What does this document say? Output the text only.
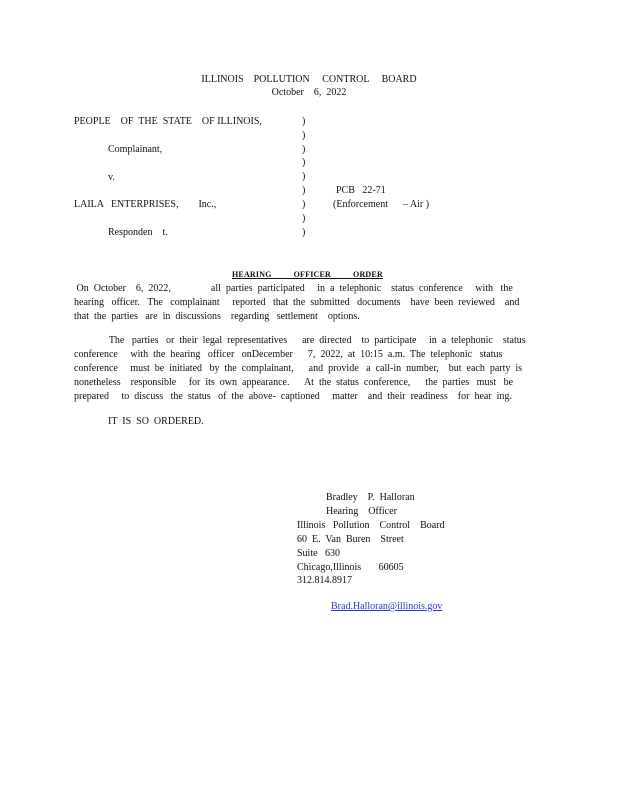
ILLINOIS    POLLUTION     CONTROL     BOARD
October    6,  2022
PEOPLE    OF  THE  STATE    OF ILLINOIS,
Complainant,
v.
LAILA   ENTERPRISES,        Inc.,
Responden    t.
)
)
)
)
)
)
)
)
)
PCB   22-71
(Enforcement      – Air )

HEARING          OFFICER          ORDER

On  October    6,  2022,                all  parties  participated     in  a  telephonic    status  conference     with   the
hearing   officer.   The   complainant     reported   that  the  submitted   documents    have  been  reviewed    and
that  the  parties   are  in  discussions    regarding   settlement    options.
The   parties   or  their  legal  representatives      are  directed    to  participate     in  a  telephonic    status
conference     with  the  hearing   officer   onDecember      7,  2022,  at  10:15  a.m.  The  telephonic   status
conference     must  be  initiated   by  the  complainant,      and  provide   a  call-in  number,    but  each  party  is
nonetheless    responsible     for  its  own  appearance.      At  the  status  conference,      the  parties   must   be
prepared     to  discuss   the  status   of  the  above-  captioned     matter    and  their  readiness    for  hear  ing.
IT  IS  SO  ORDERED.
Bradley    P.  Halloran
Hearing    Officer
Illinois   Pollution    Control    Board
60  E.  Van  Buren    Street
Suite   630
Chicago,Illinois       60605
312.814.8917

Brad.Halloran@illinois.gov
